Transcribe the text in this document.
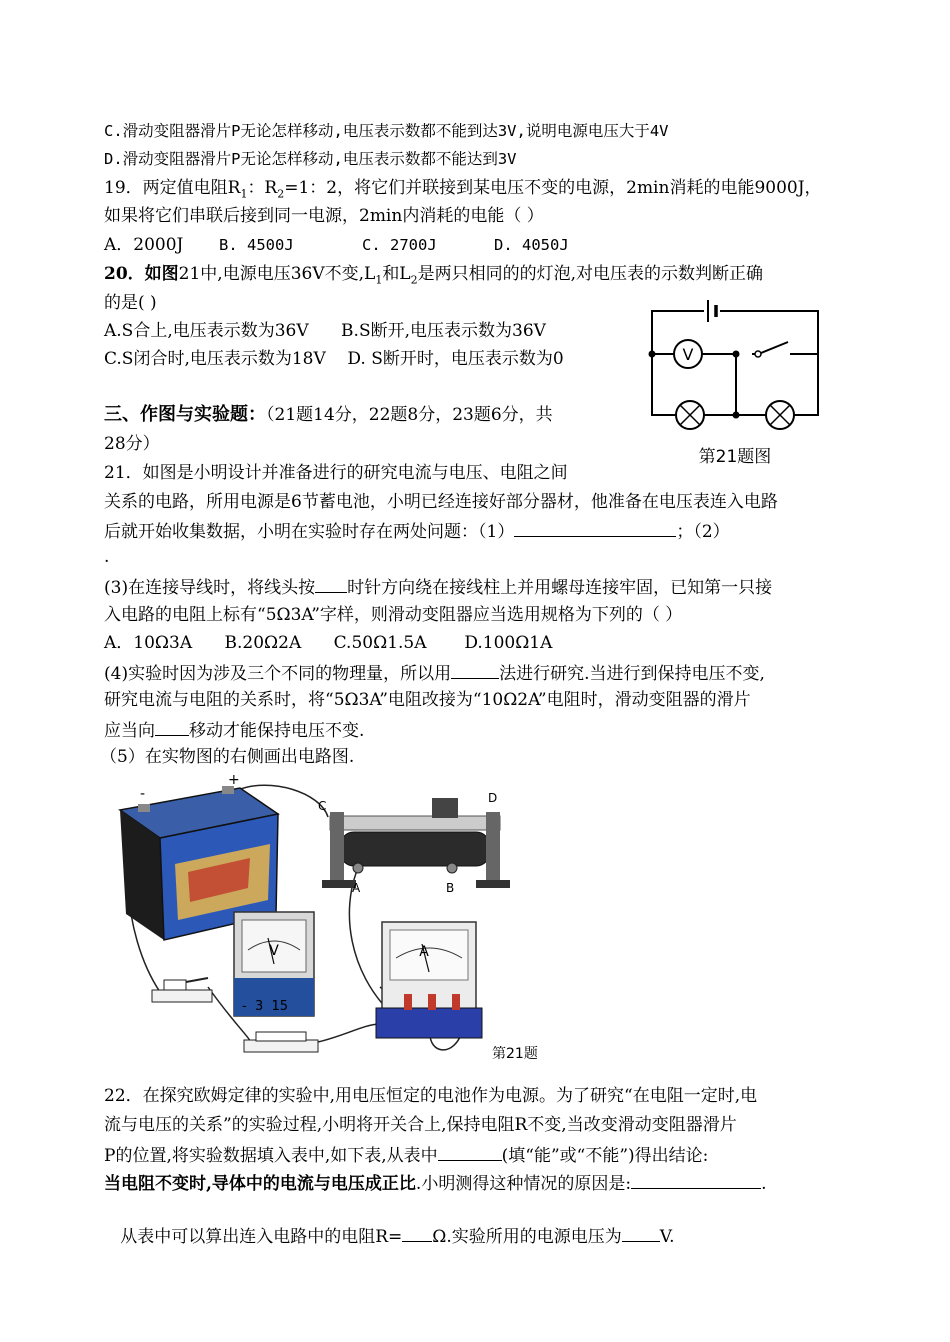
C.滑动变阻器滑片P无论怎样移动,电压表示数都不能到达3V,说明电源电压大于4V
D.滑动变阻器滑片P无论怎样移动,电压表示数都不能达到3V
19．两定值电阻$R_1$：$R_2=1$：2，将它们并联接到某电压不变的电源，2min消耗的电能9000J，
如果将它们串联后接到同一电源，2min内消耗的电能（ ）
A．2000J B. 4500J	C. 2700J	D. 4050J
20．如图21中,电源电压36V不变$,L_1$和$L_2$是两只相同的的灯泡,对电压表的示数判断正确
的是( )
A.S合上,电压表示数为36V      B.S断开,电压表示数为36V
C.S闭合时,电压表示数为18V    D. S断开时，电压表示数为0	V
第21题图
三、作图与实验题：（21题14分，22题8分，23题6分，共
28分）
21．如图是小明设计并准备进行的研究电流与电压、电阻之间
关系的电路，所用电源是6节蓄电池，小明已经连接好部分器材，他准备在电压表连入电路
后就开始收集数据，小明在实验时存在两处问题：（1）	；（2）
.
(3)在连接导线时，将线头按 时针方向绕在接线柱上并用螺母连接牢固，已知第一只接
入电路的电阻上标有“5Ω3A”字样，则滑动变阻器应当选用规格为下列的（ ）
A．10Ω3A      B.20Ω2A      C.50Ω1.5A       D.100Ω1A
(4)实验时因为涉及三个不同的物理量，所以用	法进行研究.当进行到保持电压不变,
研究电流与电阻的关系时，将“5Ω3A”电阻改接为“10Ω2A”电阻时，滑动变阻器的滑片
应当向 移动才能保持电压不变.
（5）在实物图的右侧画出电路图.
-
+
C
D
A	B
V
-  3  15
A
第21题
22．在探究欧姆定律的实验中,用电压恒定的电池作为电源。为了研究“在电阻一定时,电
流与电压的关系”的实验过程,小明将开关合上,保持电阻R不变,当改变滑动变阻器滑片
P的位置,将实验数据填入表中,如下表,从表中	(填“能”或“不能”)得出结论:
当电阻不变时,导体中的电流与电压成正比.小明测得这种情况的原因是:	.

从表中可以算出连入电路中的电阻R= Ω.实验所用的电源电压为 V.
